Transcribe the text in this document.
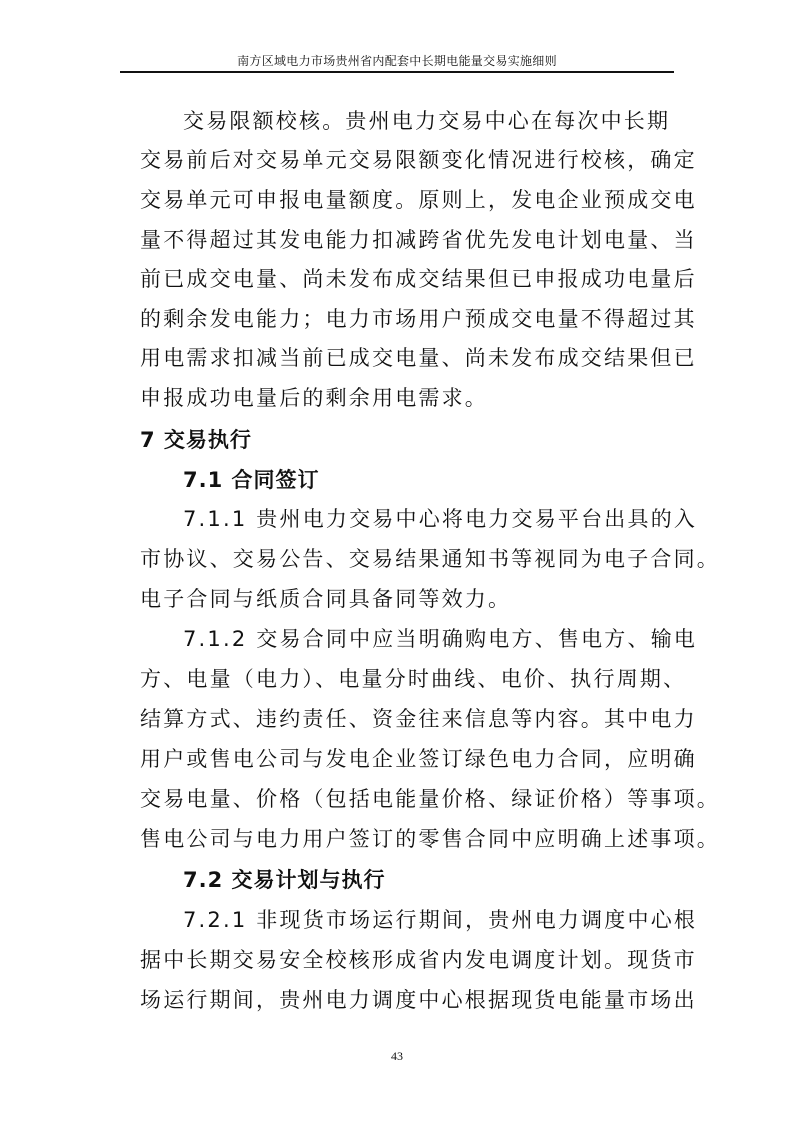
南方区域电力市场贵州省内配套中长期电能量交易实施细则
交易限额校核。贵州电力交易中心在每次中长期
交易前后对交易单元交易限额变化情况进行校核，确定
交易单元可申报电量额度。原则上，发电企业预成交电
量不得超过其发电能力扣减跨省优先发电计划电量、当
前已成交电量、尚未发布成交结果但已申报成功电量后
的剩余发电能力；电力市场用户预成交电量不得超过其
用电需求扣减当前已成交电量、尚未发布成交结果但已
申报成功电量后的剩余用电需求。
7 交易执行
7.1 合同签订
7.1.1 贵州电力交易中心将电力交易平台出具的入
市协议、交易公告、交易结果通知书等视同为电子合同。
电子合同与纸质合同具备同等效力。
7.1.2 交易合同中应当明确购电方、售电方、输电
方、电量（电力）、电量分时曲线、电价、执行周期、
结算方式、违约责任、资金往来信息等内容。其中电力
用户或售电公司与发电企业签订绿色电力合同，应明确
交易电量、价格（包括电能量价格、绿证价格）等事项。
售电公司与电力用户签订的零售合同中应明确上述事项。
7.2 交易计划与执行
7.2.1 非现货市场运行期间，贵州电力调度中心根
据中长期交易安全校核形成省内发电调度计划。现货市
场运行期间，贵州电力调度中心根据现货电能量市场出
43
